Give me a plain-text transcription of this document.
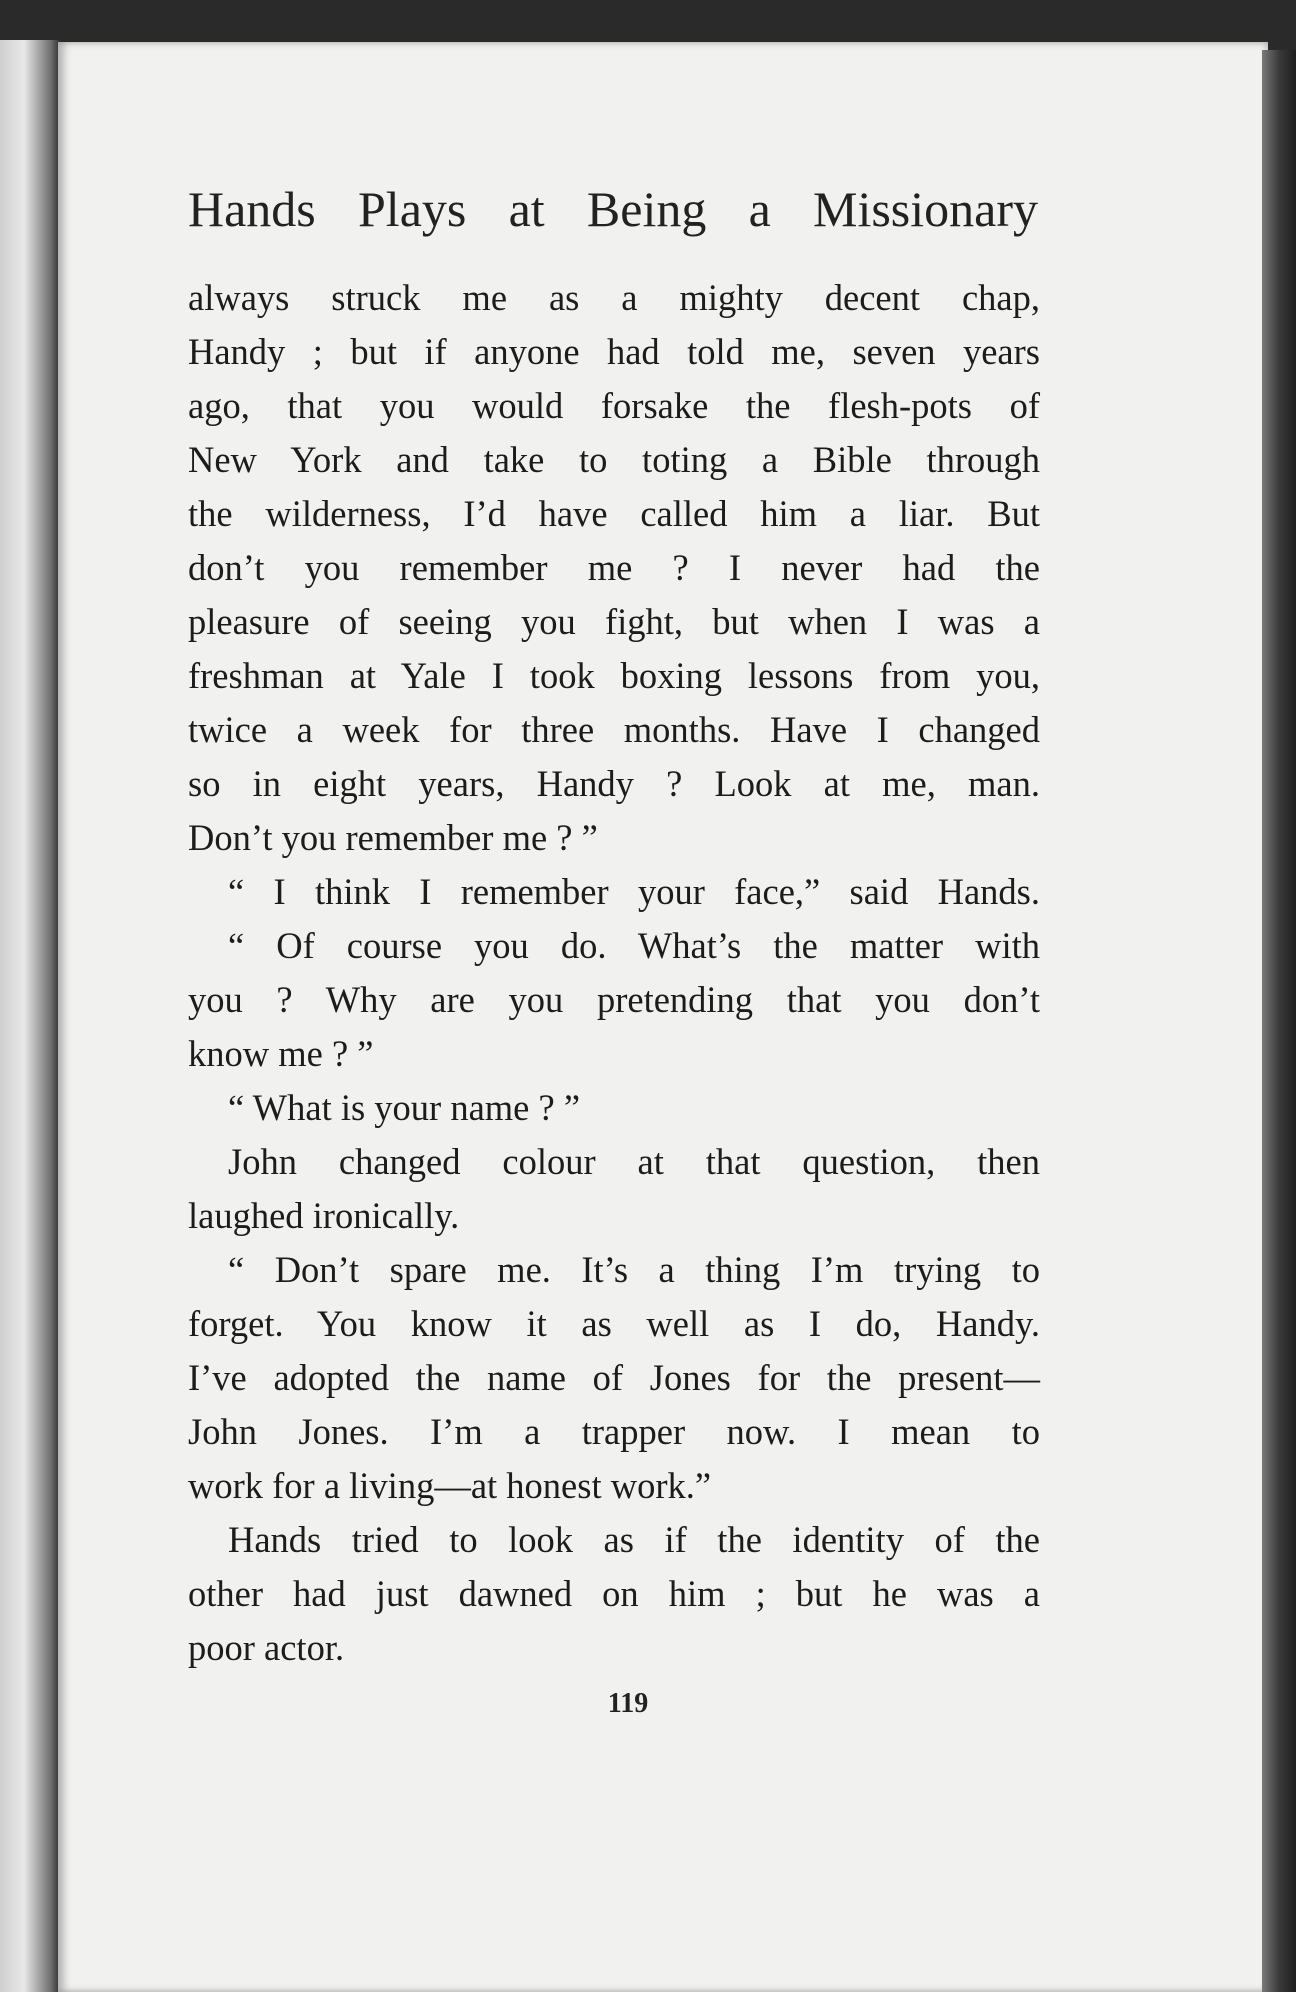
Hands Plays at Being a Missionary
always struck me as a mighty decent chap,
Handy ; but if anyone had told me, seven years
ago, that you would forsake the flesh-pots of
New York and take to toting a Bible through
the wilderness, I’d have called him a liar. But
don’t you remember me ? I never had the
pleasure of seeing you fight, but when I was a
freshman at Yale I took boxing lessons from you,
twice a week for three months. Have I changed
so in eight years, Handy ? Look at me, man.
Don’t you remember me ? ”
“ I think I remember your face,” said Hands.
“ Of course you do. What’s the matter with
you ? Why are you pretending that you don’t
know me ? ”
“ What is your name ? ”
John changed colour at that question, then
laughed ironically.
“ Don’t spare me. It’s a thing I’m trying to
forget. You know it as well as I do, Handy.
I’ve adopted the name of Jones for the present—
John Jones. I’m a trapper now. I mean to
work for a living—at honest work.”
Hands tried to look as if the identity of the
other had just dawned on him ; but he was a
poor actor.
119
